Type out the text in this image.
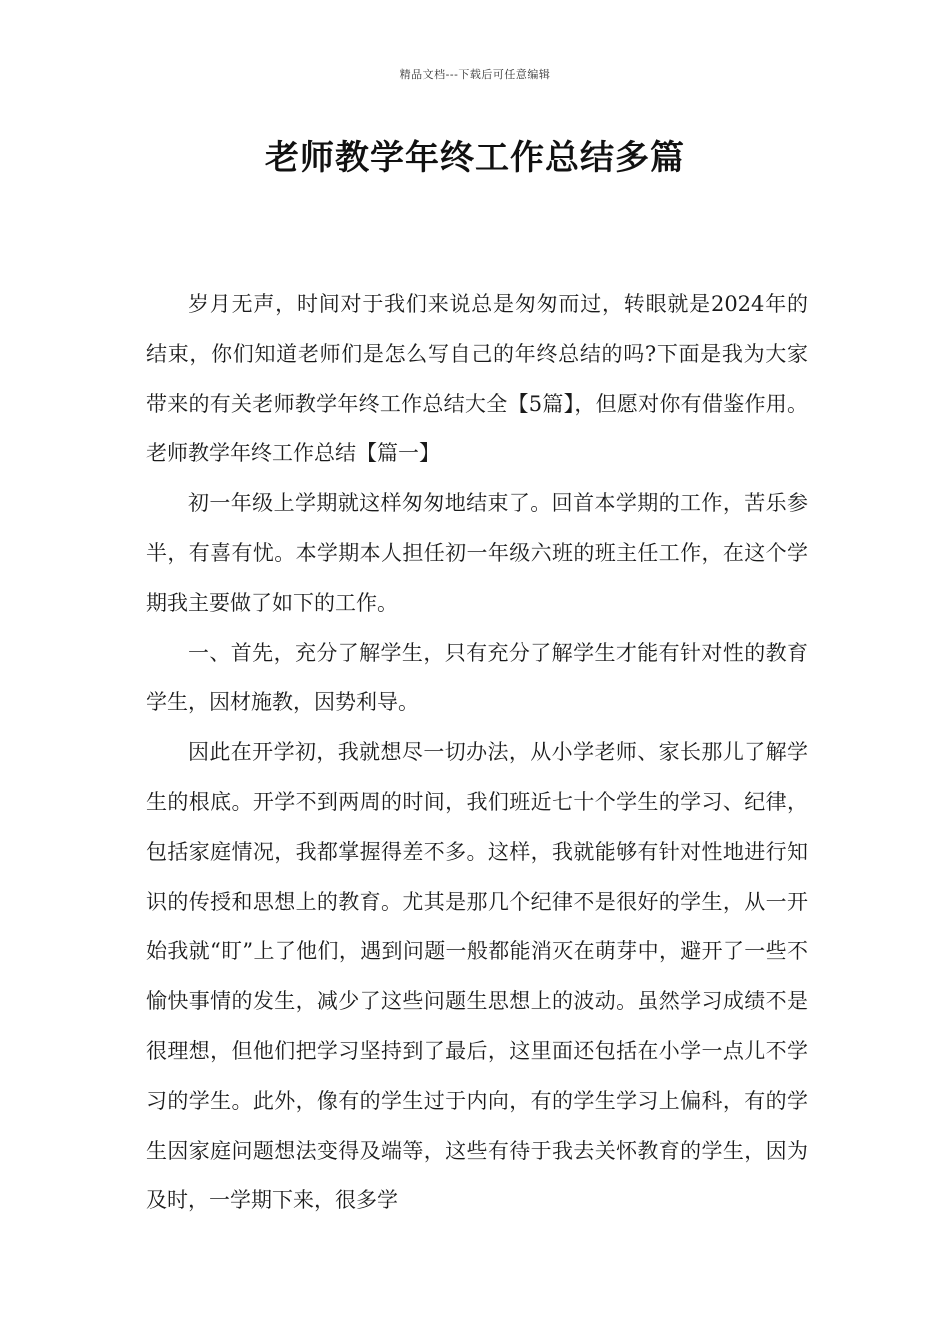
精品文档---下载后可任意编辑
老师教学年终工作总结多篇

岁月无声，时间对于我们来说总是匆匆而过，转眼就是2024年的结束，你们知道老师们是怎么写自己的年终总结的吗?下面是我为大家带来的有关老师教学年终工作总结大全【5篇】，但愿对你有借鉴作用。老师教学年终工作总结【篇一】

初一年级上学期就这样匆匆地结束了。回首本学期的工作，苦乐参半，有喜有忧。本学期本人担任初一年级六班的班主任工作，在这个学期我主要做了如下的工作。

一、首先，充分了解学生，只有充分了解学生才能有针对性的教育学生，因材施教，因势利导。

因此在开学初，我就想尽一切办法，从小学老师、家长那儿了解学生的根底。开学不到两周的时间，我们班近七十个学生的学习、纪律，包括家庭情况，我都掌握得差不多。这样，我就能够有针对性地进行知识的传授和思想上的教育。尤其是那几个纪律不是很好的学生，从一开始我就“盯”上了他们，遇到问题一般都能消灭在萌芽中，避开了一些不愉快事情的发生，减少了这些问题生思想上的波动。虽然学习成绩不是很理想，但他们把学习坚持到了最后，这里面还包括在小学一点儿不学习的学生。此外，像有的学生过于内向，有的学生学习上偏科，有的学生因家庭问题想法变得及端等，这些有待于我去关怀教育的学生，因为及时，一学期下来，很多学
